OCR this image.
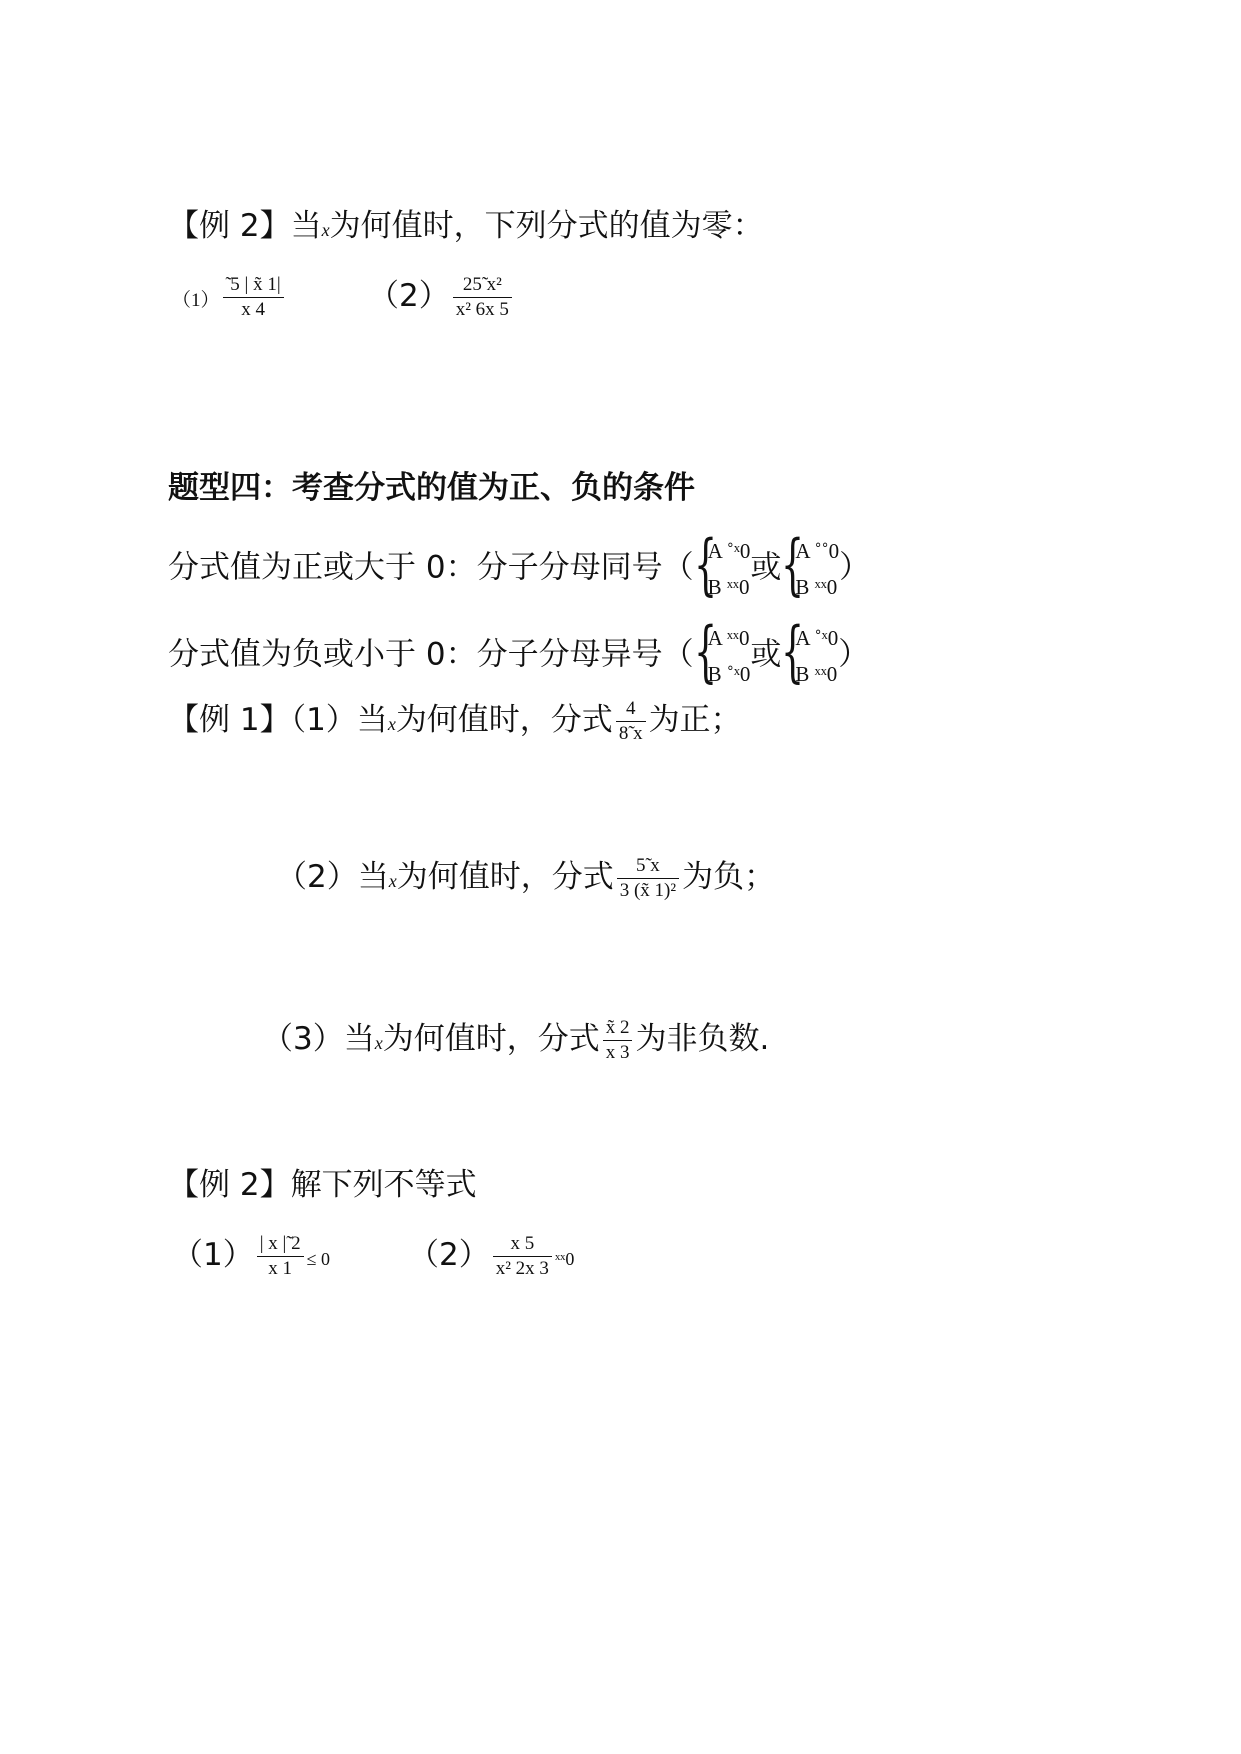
【例 2】当x为何值时，下列分式的值为零：
$(1) \frac{̃ 5 | x̃ 1|}{x 4}$	$(2) \frac{\text{25̃ x²}}{\text{x² 6x 5}}$
题型四：考查分式的值为正、负的条件
分式值为正或大于 0：分子分母同号（ {
A ˚ˣ0
B ˣˣ0
或 {
A ˚˚0
B ˣˣ0
）
分式值为负或小于 0：分子分母异号（ {
A ˣˣ0
B ˚ˣ0
或 {
A ˚ˣ0
B ˣˣ0
）
【例 1】（1）当x为何值时，分式 $\frac{4}{8̃ x}$ 为正；
（2）当x为何值时，分式 $\frac{5̃ x}{\text{3 (x̃ 1)²}}$ 为负；
（3）当x为何值时，分式 $\frac{x̃ 2}{x 3}$ 为非负数.
【例 2】解下列不等式
$(1) \frac{| x |̃ 2}{x 1} \le 0$	$(2) \frac{x 5}{\text{x² 2x 3}}$ ˣˣ0
